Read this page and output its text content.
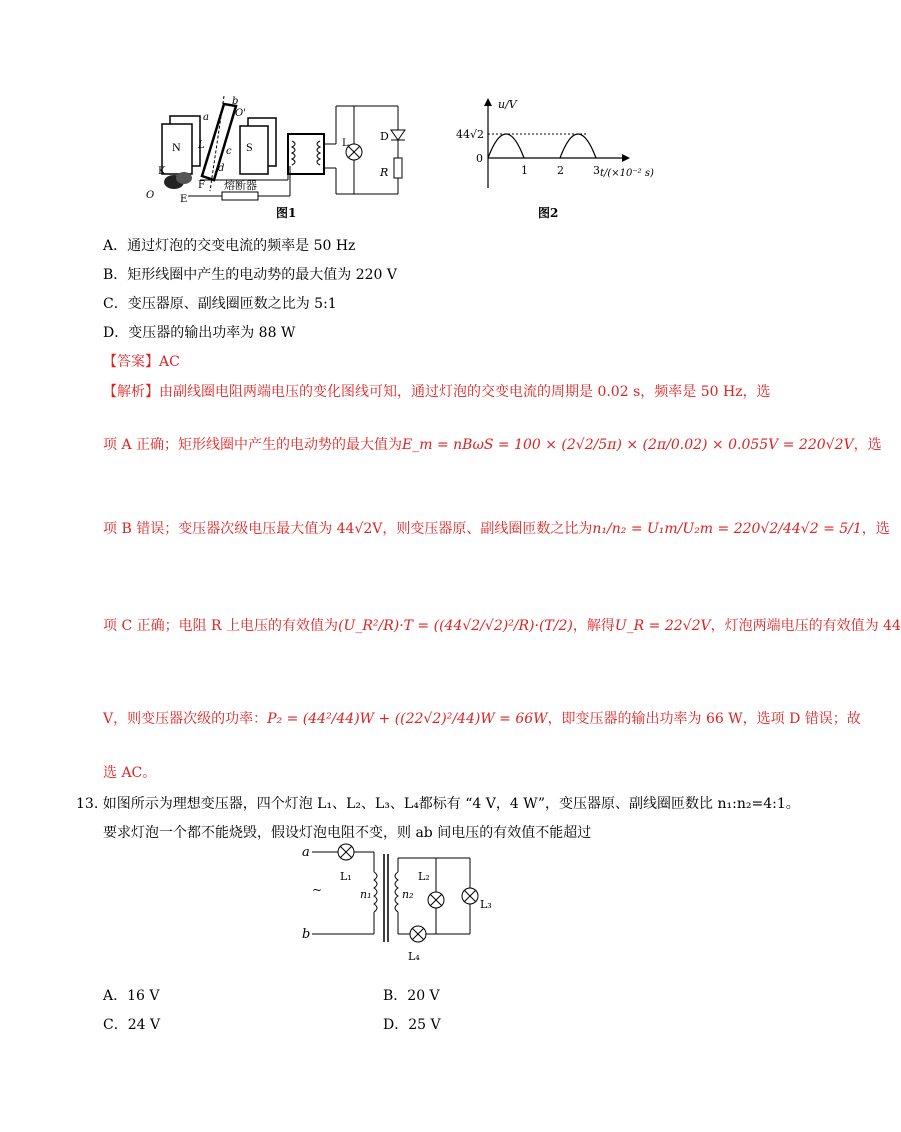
N	S
b
O'
a
c
d
L
K
F
E
O
熔断器
L
D
R
图1
u/V
44√2
0
1	2	3 t/(×10⁻² s)
图2
A．通过灯泡的交变电流的频率是 50 Hz
B．矩形线圈中产生的电动势的最大值为 220 V
C．变压器原、副线圈匝数之比为 5:1
D．变压器的输出功率为 88 W
【答案】AC
【解析】由副线圈电阻两端电压的变化图线可知，通过灯泡的交变电流的周期是 0.02 s，频率是 50 Hz，选
项 A 正确；矩形线圈中产生的电动势的最大值为E_m = nBωS = 100 × (2√2/5π) × (2π/0.02) × 0.055V = 220√2V，选
项 B 错误；变压器次级电压最大值为 44√2V，则变压器原、副线圈匝数之比为n₁/n₂ = U₁m/U₂m = 220√2/44√2 = 5/1，选
项 C 正确；电阻 R 上电压的有效值为(U_R²/R)·T = ((44√2/√2)²/R)·(T/2)，解得U_R = 22√2V，灯泡两端电压的有效值为 44
V，则变压器次级的功率：P₂ = (44²/44)W + ((22√2)²/44)W = 66W，即变压器的输出功率为 66 W，选项 D 错误；故
选 AC。
13. 如图所示为理想变压器，四个灯泡 L₁、L₂、L₃、L₄都标有 “4 V，4 W”，变压器原、副线圈匝数比 n₁:n₂=4:1。
要求灯泡一个都不能烧毁，假设灯泡电阻不变，则 ab 间电压的有效值不能超过
a
b
~
L₁
n₁	n₂
L₂
L₃
L₄
A．16 V	B．20 V
C．24 V	D．25 V
